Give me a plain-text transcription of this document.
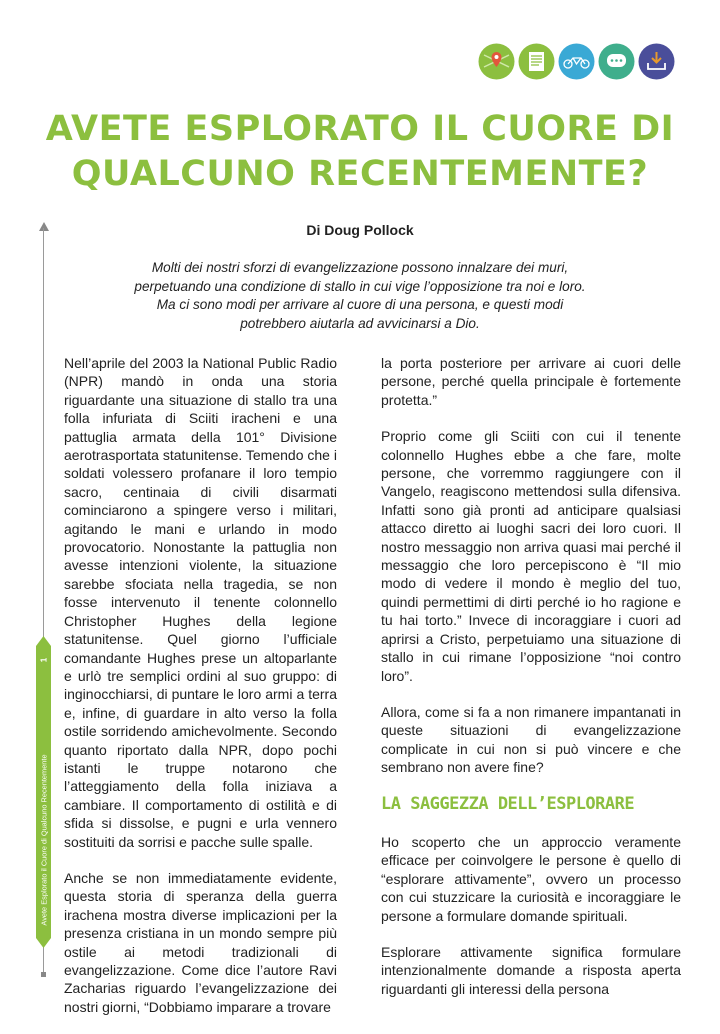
AVETE ESPLORATO IL CUORE DI QUALCUNO RECENTEMENTE?
Di Doug Pollock
Molti dei nostri sforzi di evangelizzazione possono innalzare dei muri, perpetuando una condizione di stallo in cui vige l’opposizione tra noi e loro. Ma ci sono modi per arrivare al cuore di una persona, e questi modi potrebbero aiutarla ad avvicinarsi a Dio.
1
Avete Esplorato il Cuore di Qualcuno Recentemente

Nell’aprile del 2003 la National Public Radio (NPR) mandò in onda una storia riguardante una situazione di stallo tra una folla infuriata di Sciiti iracheni e una pattuglia armata della 101° Divisione aerotrasportata statunitense. Temendo che i soldati volessero profanare il loro tempio sacro, centinaia di civili disarmati cominciarono a spingere verso i militari, agitando le mani e urlando in modo provocatorio. Nonostante la pattuglia non avesse intenzioni violente, la situazione sarebbe sfociata nella tragedia, se non fosse intervenuto il tenente colonnello Christopher Hughes della legione statunitense. Quel giorno l’ufficiale comandante Hughes prese un altoparlante e urlò tre semplici ordini al suo gruppo: di inginocchiarsi, di puntare le loro armi a terra e, infine, di guardare in alto verso la folla ostile sorridendo amichevolmente. Secondo quanto riportato dalla NPR, dopo pochi istanti le truppe notarono che l’atteggiamento della folla iniziava a cambiare. Il comportamento di ostilità e di sfida si dissolse, e pugni e urla vennero sostituiti da sorrisi e pacche sulle spalle.

Anche se non immediatamente evidente, questa storia di speranza della guerra irachena mostra diverse implicazioni per la presenza cristiana in un mondo sempre più ostile ai metodi tradizionali di evangelizzazione. Come dice l’autore Ravi Zacharias riguardo l’evangelizzazione dei nostri giorni, “Dobbiamo imparare a trovare

la porta posteriore per arrivare ai cuori delle persone, perché quella principale è fortemente protetta.”

Proprio come gli Sciiti con cui il tenente colonnello Hughes ebbe a che fare, molte persone, che vorremmo raggiungere con il Vangelo, reagiscono mettendosi sulla difensiva. Infatti sono già pronti ad anticipare qualsiasi attacco diretto ai luoghi sacri dei loro cuori. Il nostro messaggio non arriva quasi mai perché il messaggio che loro percepiscono è “Il mio modo di vedere il mondo è meglio del tuo, quindi permettimi di dirti perché io ho ragione e tu hai torto.” Invece di incoraggiare i cuori ad aprirsi a Cristo, perpetuiamo una situazione di stallo in cui rimane l’opposizione “noi contro loro”.

Allora, come si fa a non rimanere impantanati in queste situazioni di evangelizzazione complicate in cui non si può vincere e che sembrano non avere fine?

LA SAGGEZZA DELL’ESPLORARE

Ho scoperto che un approccio veramente efficace per coinvolgere le persone è quello di “esplorare attivamente”, ovvero un processo con cui stuzzicare la curiosità e incoraggiare le persone a formulare domande spirituali.

Esplorare attivamente significa formulare intenzionalmente domande a risposta aperta riguardanti gli interessi della persona
